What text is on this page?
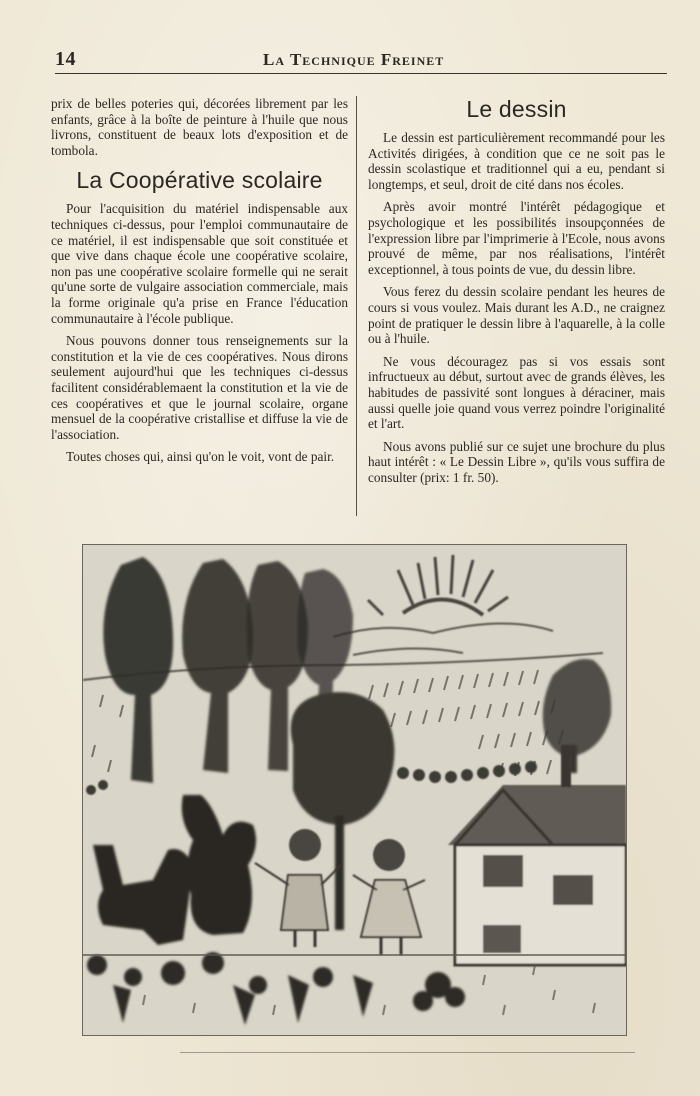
14	La Technique Freinet

prix de belles poteries qui, décorées librement par les enfants, grâce à la boîte de peinture à l'huile que nous livrons, constituent de beaux lots d'exposition et de tombola.

La Coopérative scolaire

Pour l'acquisition du matériel indispensable aux techniques ci-dessus, pour l'emploi communautaire de ce matériel, il est indispensable que soit constituée et que vive dans chaque école une coopérative scolaire, non pas une coopérative scolaire formelle qui ne serait qu'une sorte de vulgaire association commerciale, mais la forme originale qu'a prise en France l'éducation communautaire à l'école publique.

Nous pouvons donner tous renseignements sur la constitution et la vie de ces coopératives. Nous dirons seulement aujourd'hui que les techniques ci-dessus facilitent considérablemaent la constitution et la vie de ces coopératives et que le journal scolaire, organe mensuel de la coopérative cristallise et diffuse la vie de l'association.

Toutes choses qui, ainsi qu'on le voit, vont de pair.

Le dessin

Le dessin est particulièrement recommandé pour les Activités dirigées, à condition que ce ne soit pas le dessin scolastique et traditionnel qui a eu, pendant si longtemps, et seul, droit de cité dans nos écoles.

Après avoir montré l'intérêt pédagogique et psychologique et les possibilités insoupçonnées de l'expression libre par l'imprimerie à l'Ecole, nous avons prouvé de même, par nos réalisations, l'intérêt exceptionnel, à tous points de vue, du dessin libre.

Vous ferez du dessin scolaire pendant les heures de cours si vous voulez. Mais durant les A.D., ne craignez point de pratiquer le dessin libre à l'aquarelle, à la colle ou à l'huile.

Ne vous découragez pas si vos essais sont infructueux au début, surtout avec de grands élèves, les habitudes de passivité sont longues à déraciner, mais aussi quelle joie quand vous verrez poindre l'originalité et l'art.

Nous avons publié sur ce sujet une brochure du plus haut intérêt : « Le Dessin Libre », qu'ils vous suffira de consulter (prix: 1 fr. 50).
